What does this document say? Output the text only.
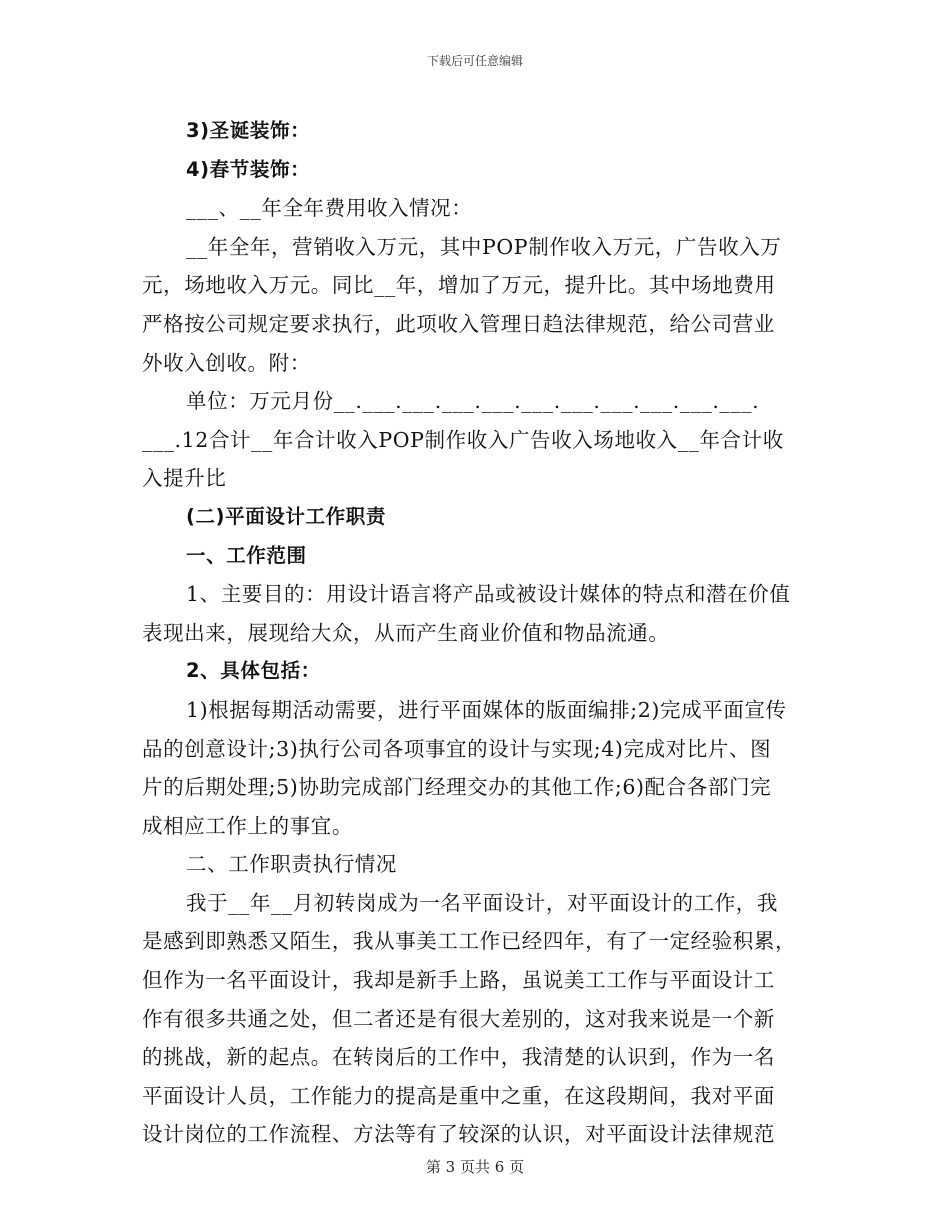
下载后可任意编辑
3)圣诞装饰：
4)春节装饰：
___、__年全年费用收入情况：
__年全年，营销收入万元，其中POP制作收入万元，广告收入万
元，场地收入万元。同比__年，增加了万元，提升比。其中场地费用
严格按公司规定要求执行，此项收入管理日趋法律规范，给公司营业
外收入创收。附：
单位：万元月份__.___.___.___.___.___.___.___.___.___.___.
___.12合计__年合计收入POP制作收入广告收入场地收入__年合计收
入提升比
(二)平面设计工作职责
一、工作范围
1、主要目的：用设计语言将产品或被设计媒体的特点和潜在价值
表现出来，展现给大众，从而产生商业价值和物品流通。
2、具体包括：
1)根据每期活动需要，进行平面媒体的版面编排;2)完成平面宣传
品的创意设计;3)执行公司各项事宜的设计与实现;4)完成对比片、图
片的后期处理;5)协助完成部门经理交办的其他工作;6)配合各部门完
成相应工作上的事宜。
二、工作职责执行情况
我于__年__月初转岗成为一名平面设计，对平面设计的工作，我
是感到即熟悉又陌生，我从事美工工作已经四年，有了一定经验积累，
但作为一名平面设计，我却是新手上路，虽说美工工作与平面设计工
作有很多共通之处，但二者还是有很大差别的，这对我来说是一个新
的挑战，新的起点。在转岗后的工作中，我清楚的认识到，作为一名
平面设计人员，工作能力的提高是重中之重，在这段期间，我对平面
设计岗位的工作流程、方法等有了较深的认识，对平面设计法律规范
第 3 页共 6 页
